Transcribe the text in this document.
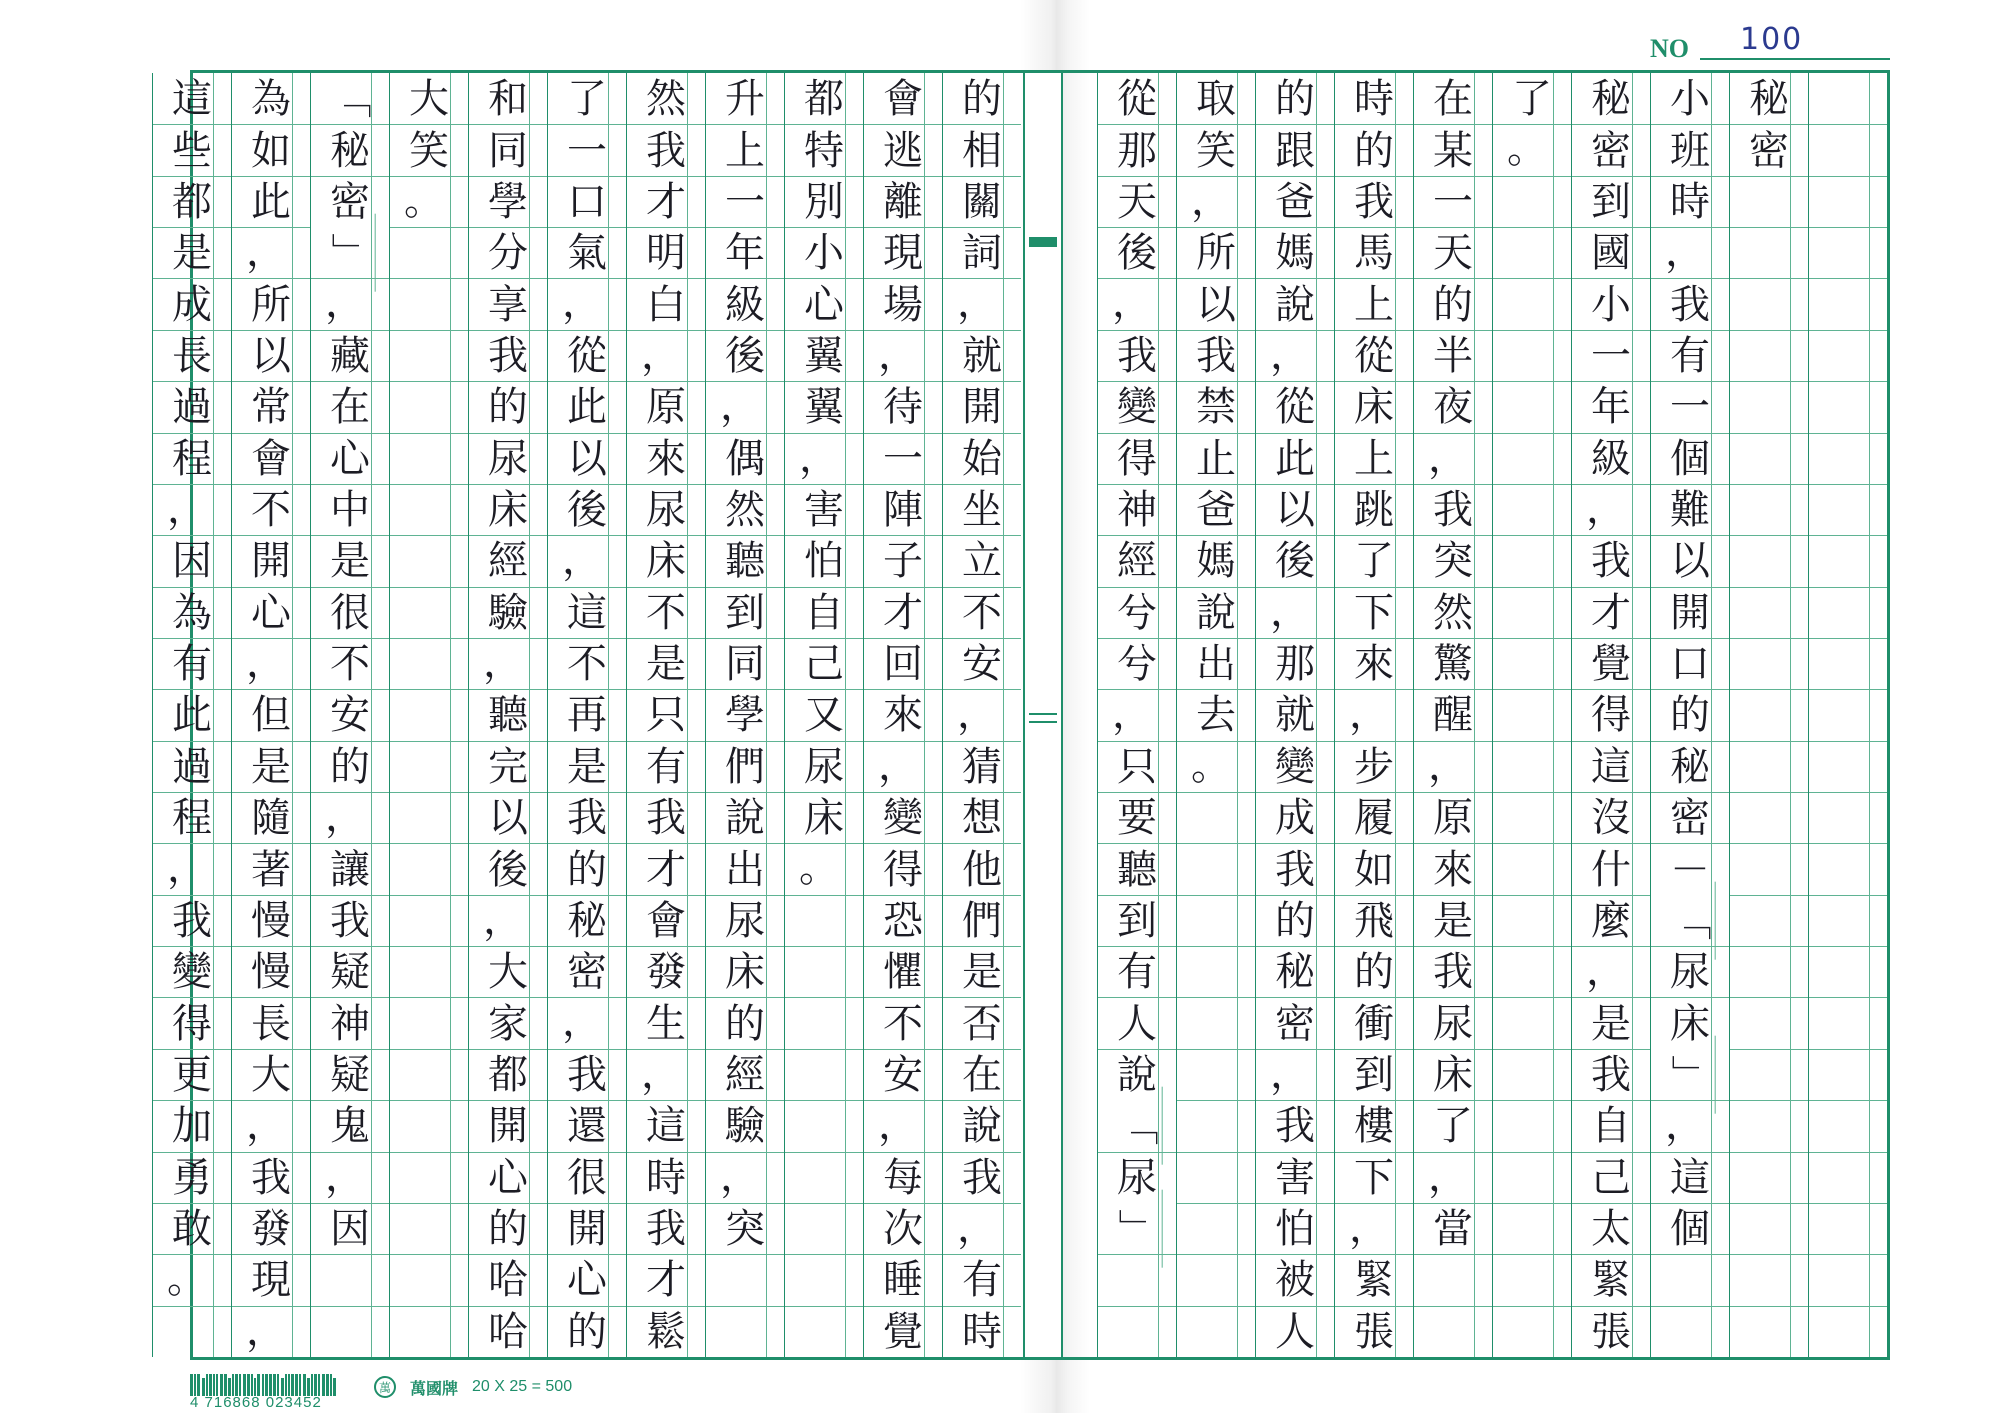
NO 100
秘
密
小
班
時
，
我
有
一
個
難
以
開
口
的
秘
密
－
「
尿
床
」
，
這
個
秘
密
到
國
小
一
年
級
，
我
才
覺
得
這
沒
什
麼
，
是
我
自
己
太
緊
張
了
。
在
某
一
天
的
半
夜
，
我
突
然
驚
醒
，
原
來
是
我
尿
床
了
，
當
時
的
我
馬
上
從
床
上
跳
了
下
來
，
步
履
如
飛
的
衝
到
樓
下
，
緊
張
的
跟
爸
媽
說
，
從
此
以
後
，
那
就
變
成
我
的
秘
密
，
我
害
怕
被
人
取
笑
，
所
以
我
禁
止
爸
媽
說
出
去
。
從
那
天
後
，
我
變
得
神
經
兮
兮
，
只
要
聽
到
有
人
說
「
尿
」
的
相
關
詞
，
就
開
始
坐
立
不
安
，
猜
想
他
們
是
否
在
說
我
，
有
時
會
逃
離
現
場
，
待
一
陣
子
才
回
來
，
變
得
恐
懼
不
安
，
每
次
睡
覺
都
特
別
小
心
翼
翼
，
害
怕
自
己
又
尿
床
。
升
上
一
年
級
後
，
偶
然
聽
到
同
學
們
說
出
尿
床
的
經
驗
，
突
然
我
才
明
白
，
原
來
尿
床
不
是
只
有
我
才
會
發
生
，
這
時
我
才
鬆
了
一
口
氣
，
從
此
以
後
，
這
不
再
是
我
的
秘
密
，
我
還
很
開
心
的
和
同
學
分
享
我
的
尿
床
經
驗
，
聽
完
以
後
，
大
家
都
開
心
的
哈
哈
大
笑
。
「
秘
密
」
，
藏
在
心
中
是
很
不
安
的
，
讓
我
疑
神
疑
鬼
，
因
為
如
此
，
所
以
常
會
不
開
心
，
但
是
隨
著
慢
慢
長
大
，
我
發
現
，
這
些
都
是
成
長
過
程
，
因
為
有
此
過
程
，
我
變
得
更
加
勇
敢
。
4 716868 023452
萬	萬國牌 20 X 25 = 500
